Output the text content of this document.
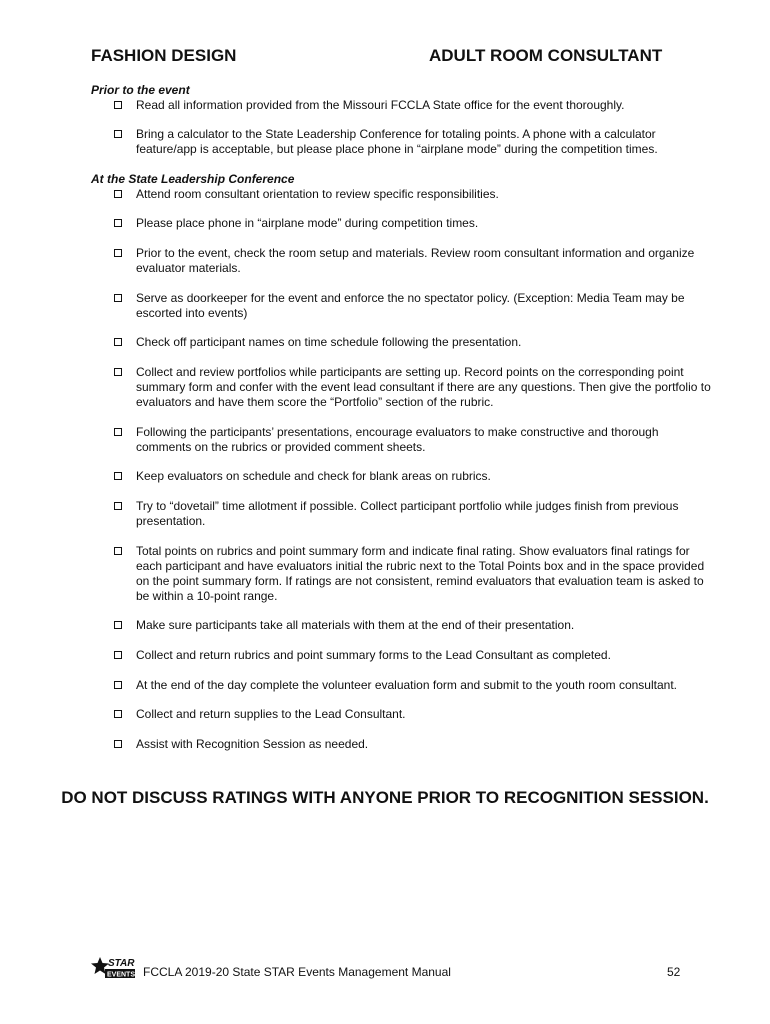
FASHION DESIGN	ADULT ROOM CONSULTANT
Prior to the event
Read all information provided from the Missouri FCCLA State office for the event thoroughly.
Bring a calculator to the State Leadership Conference for totaling points. A phone with a calculator feature/app is acceptable, but please place phone in “airplane mode” during the competition times.
At the State Leadership Conference
Attend room consultant orientation to review specific responsibilities.
Please place phone in “airplane mode” during competition times.
Prior to the event, check the room setup and materials. Review room consultant information and organize evaluator materials.
Serve as doorkeeper for the event and enforce the no spectator policy. (Exception: Media Team may be escorted into events)
Check off participant names on time schedule following the presentation.
Collect and review portfolios while participants are setting up. Record points on the corresponding point summary form and confer with the event lead consultant if there are any questions. Then give the portfolio to evaluators and have them score the “Portfolio” section of the rubric.
Following the participants’ presentations, encourage evaluators to make constructive and thorough comments on the rubrics or provided comment sheets.
Keep evaluators on schedule and check for blank areas on rubrics.
Try to “dovetail” time allotment if possible. Collect participant portfolio while judges finish from previous presentation.
Total points on rubrics and point summary form and indicate final rating. Show evaluators final ratings for each participant and have evaluators initial the rubric next to the Total Points box and in the space provided on the point summary form. If ratings are not consistent, remind evaluators that evaluation team is asked to be within a 10-point range.
Make sure participants take all materials with them at the end of their presentation.
Collect and return rubrics and point summary forms to the Lead Consultant as completed.
At the end of the day complete the volunteer evaluation form and submit to the youth room consultant.
Collect and return supplies to the Lead Consultant.
Assist with Recognition Session as needed.
DO NOT DISCUSS RATINGS WITH ANYONE PRIOR TO RECOGNITION SESSION.
STAR
EVENTS FCCLA 2019-20 State STAR Events Management Manual	52
